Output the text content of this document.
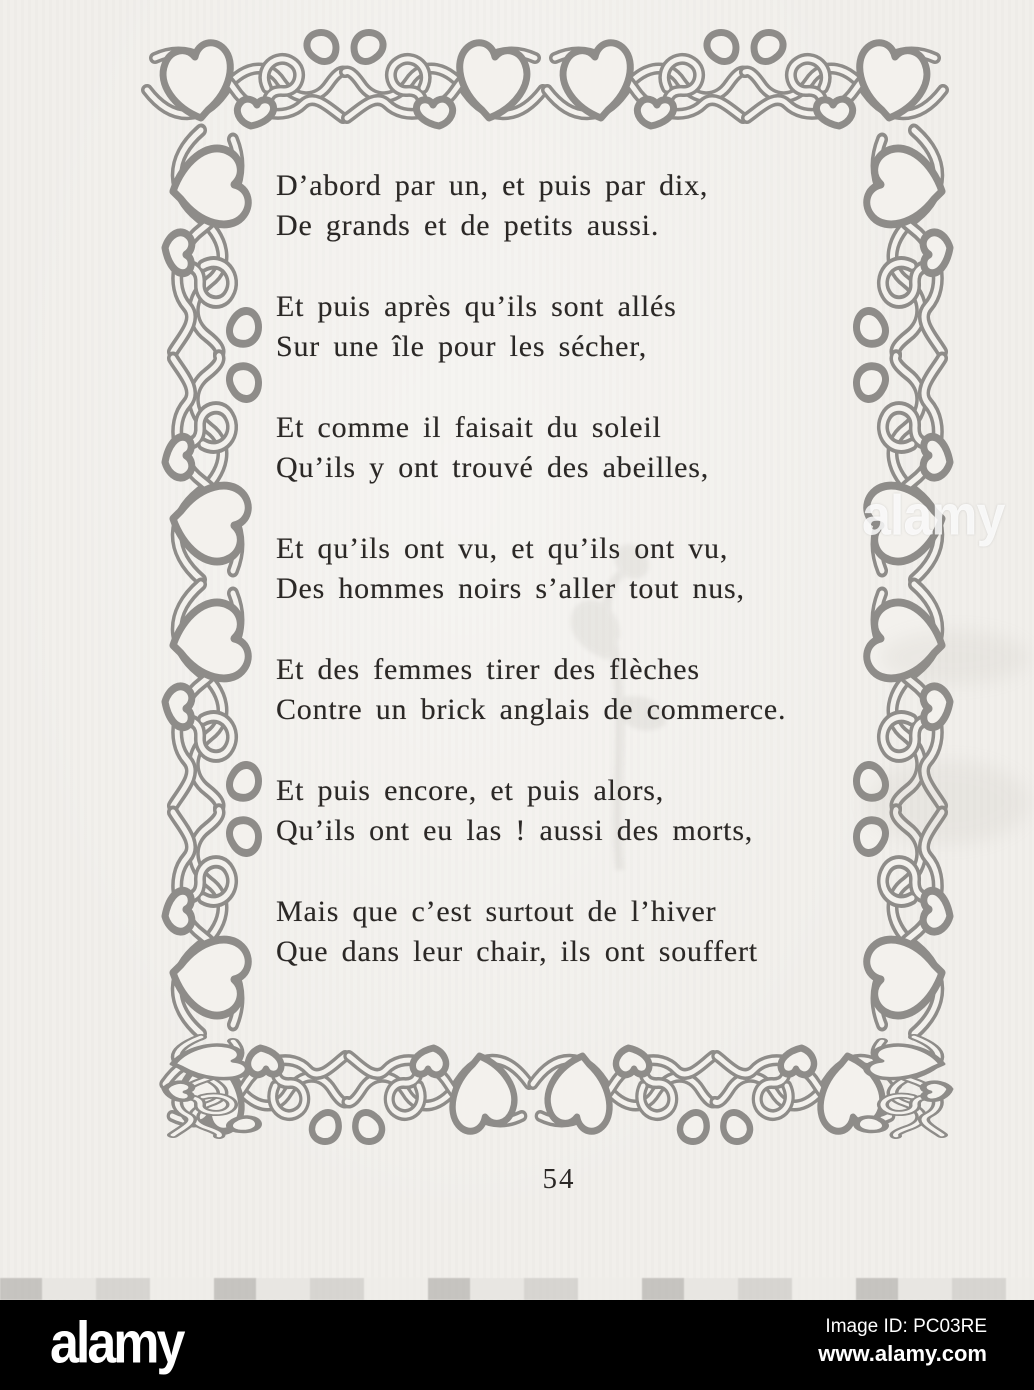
D’abord par un, et puis par dix,
De grands et de petits aussi.
Et puis après qu’ils sont allés
Sur une île pour les sécher,
Et comme il faisait du soleil
Qu’ils y ont trouvé des abeilles,
Et qu’ils ont vu, et qu’ils ont vu,
Des hommes noirs s’aller tout nus,
Et des femmes tirer des flèches
Contre un brick anglais de commerce.
Et puis encore, et puis alors,
Qu’ils ont eu las ! aussi des morts,
Mais que c’est surtout de l’hiver
Que dans leur chair, ils ont souffert
54
alamy
alamy	Image ID: PC03RE
www.alamy.com
